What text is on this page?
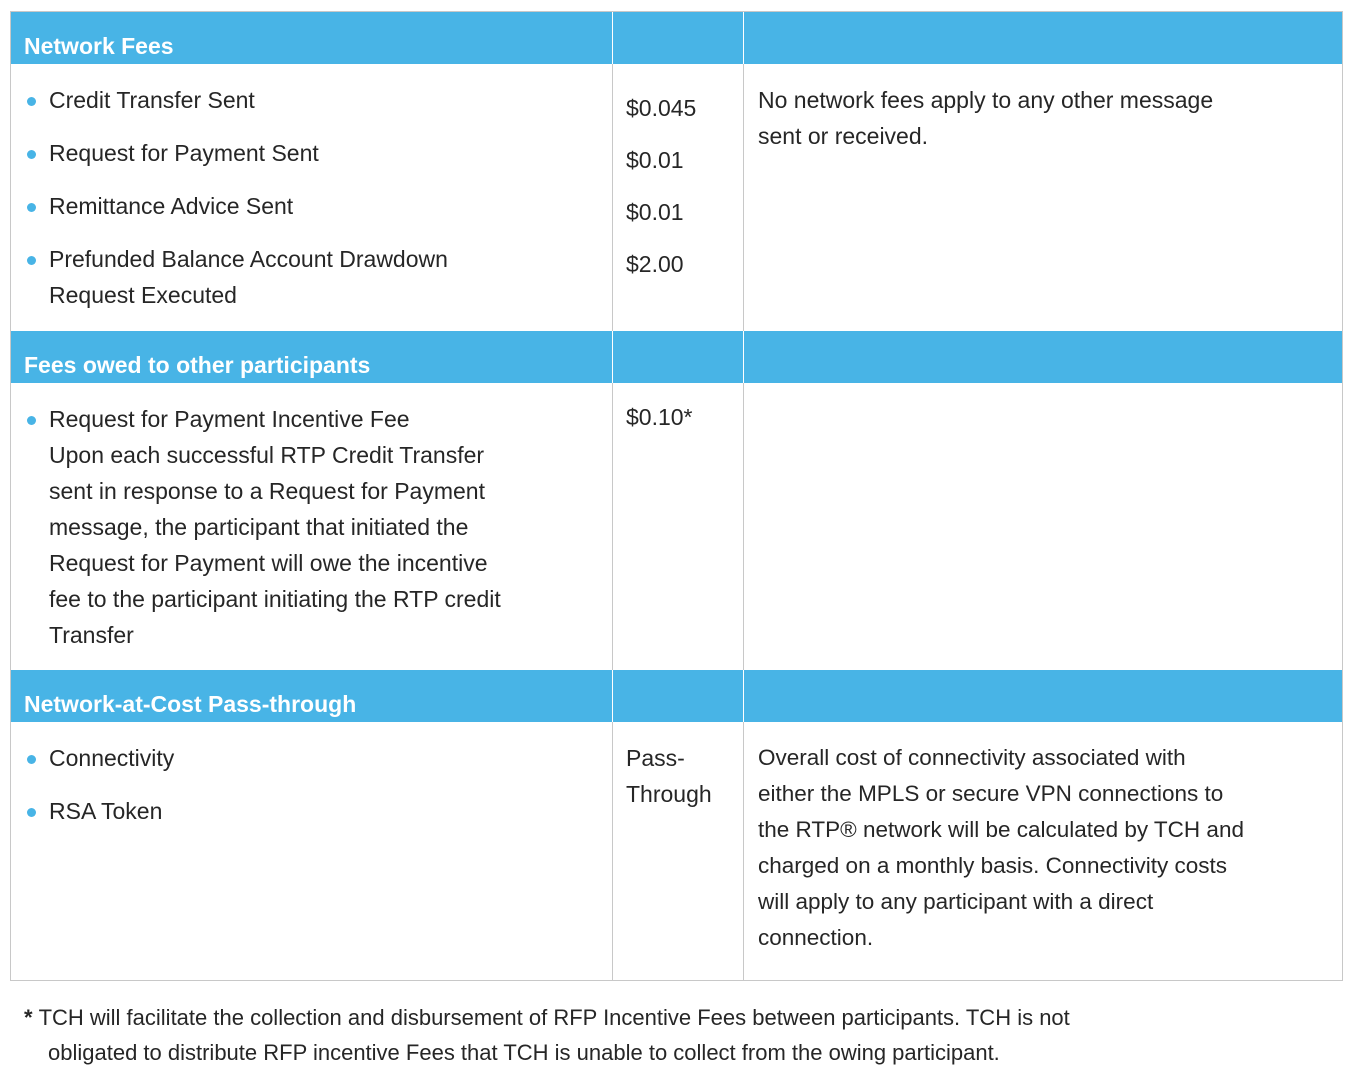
Network Fees
Fees owed to other participants
Network-at-Cost Pass-through
Credit Transfer Sent
Request for Payment Sent
Remittance Advice Sent
Prefunded Balance Account Drawdown
Request Executed
$0.045
$0.01
$0.01
$2.00
No network fees apply to any other message
sent or received.
Request for Payment Incentive Fee
Upon each successful RTP Credit Transfer
sent in response to a Request for Payment
message, the participant that initiated the
Request for Payment will owe the incentive
fee to the participant initiating the RTP credit
Transfer
$0.10*
Connectivity
RSA Token
Pass-
Through
Overall cost of connectivity associated with
either the MPLS or secure VPN connections to
the RTP® network will be calculated by TCH and
charged on a monthly basis. Connectivity costs
will apply to any participant with a direct
connection.
* TCH will facilitate the collection and disbursement of RFP Incentive Fees between participants. TCH is not
obligated to distribute RFP incentive Fees that TCH is unable to collect from the owing participant.
